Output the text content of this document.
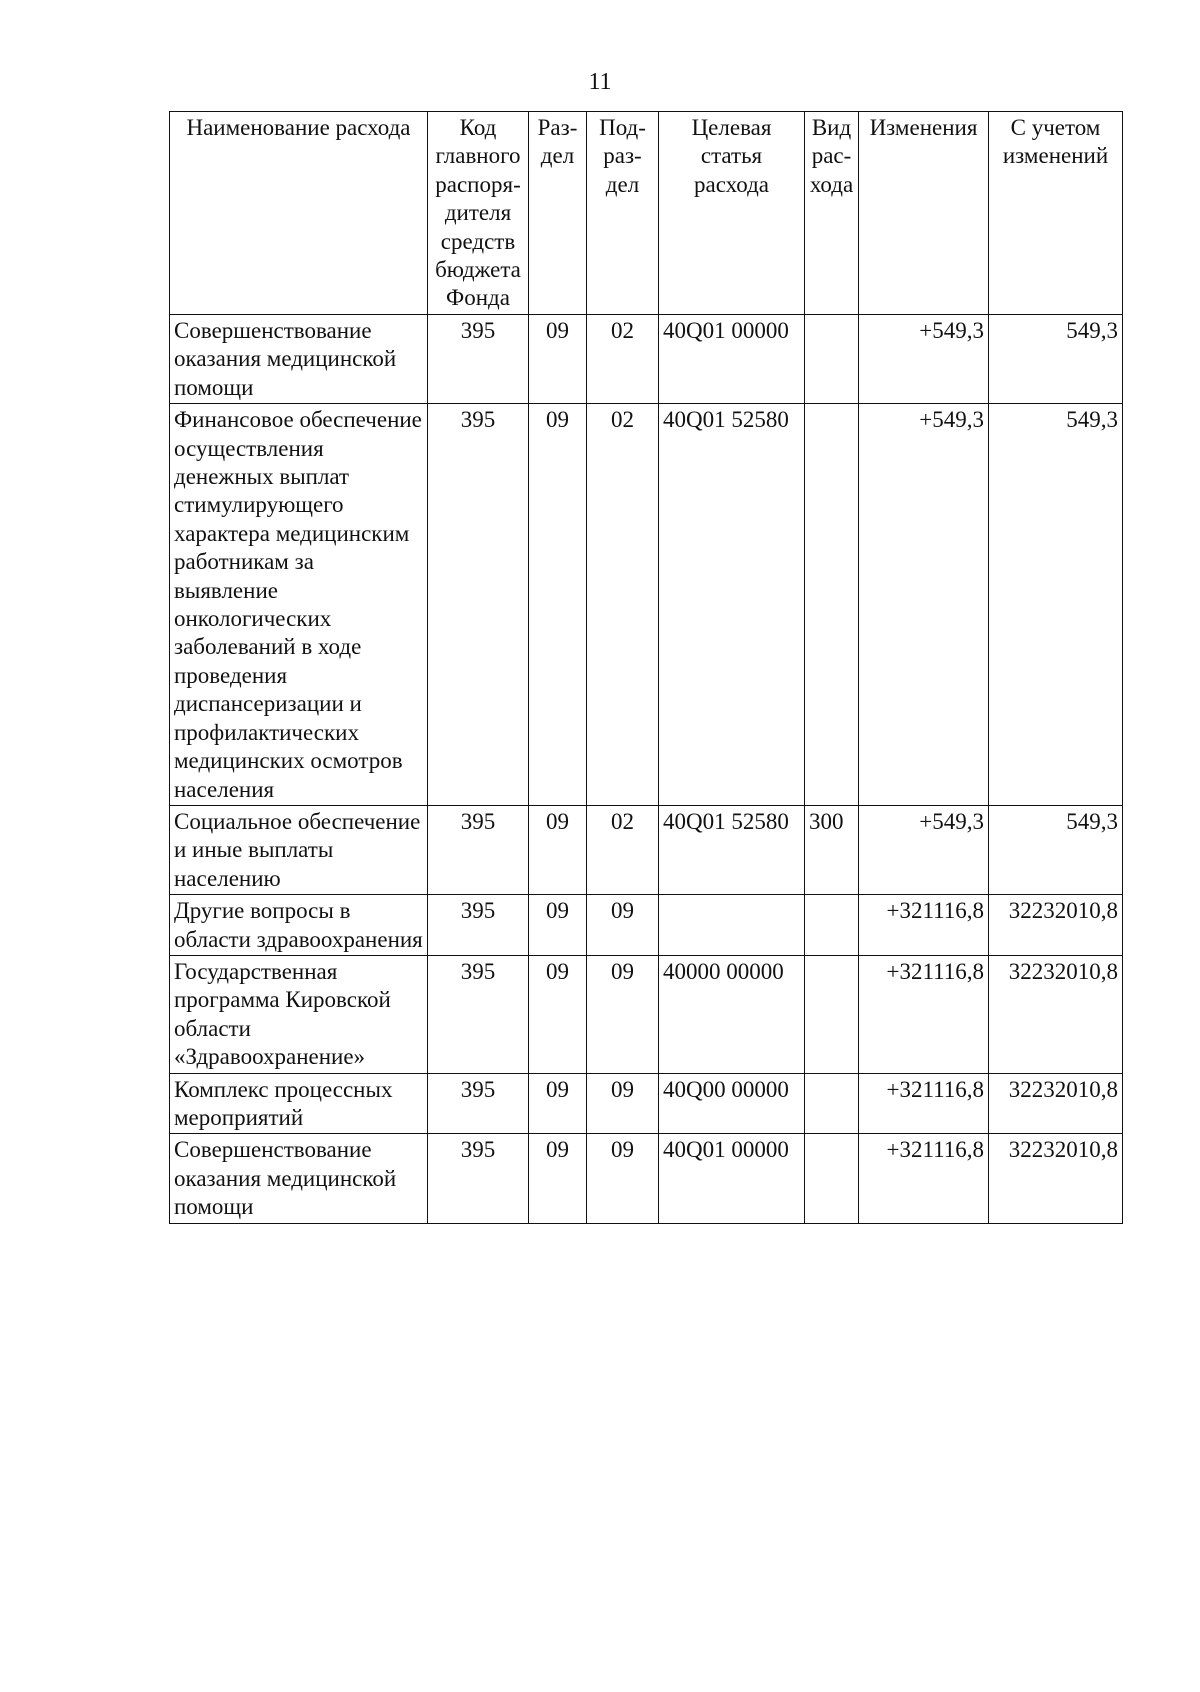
11
Наименование расхода	Код главного распоря-дителя средств бюджета Фонда	Раз-дел	Под-раз-дел	Целевая статья расхода	Вид рас-хода	Изменения	С учетом изменений
Совершенствование оказания медицинской помощи	395	09	02	40Q01 00000		+549,3	549,3
Финансовое обеспечение осуществления денежных выплат стимулирующего характера медицинским работникам за выявление онкологических заболеваний в ходе проведения диспансеризации и профилактических медицинских осмотров населения	395	09	02	40Q01 52580		+549,3	549,3
Социальное обеспечение и иные выплаты населению	395	09	02	40Q01 52580	300	+549,3	549,3
Другие вопросы в области здравоохранения	395	09	09			+321116,8	32232010,8
Государственная программа Кировской области «Здравоохранение»	395	09	09	40000 00000		+321116,8	32232010,8
Комплекс процессных мероприятий	395	09	09	40Q00 00000		+321116,8	32232010,8
Совершенствование оказания медицинской помощи	395	09	09	40Q01 00000		+321116,8	32232010,8
